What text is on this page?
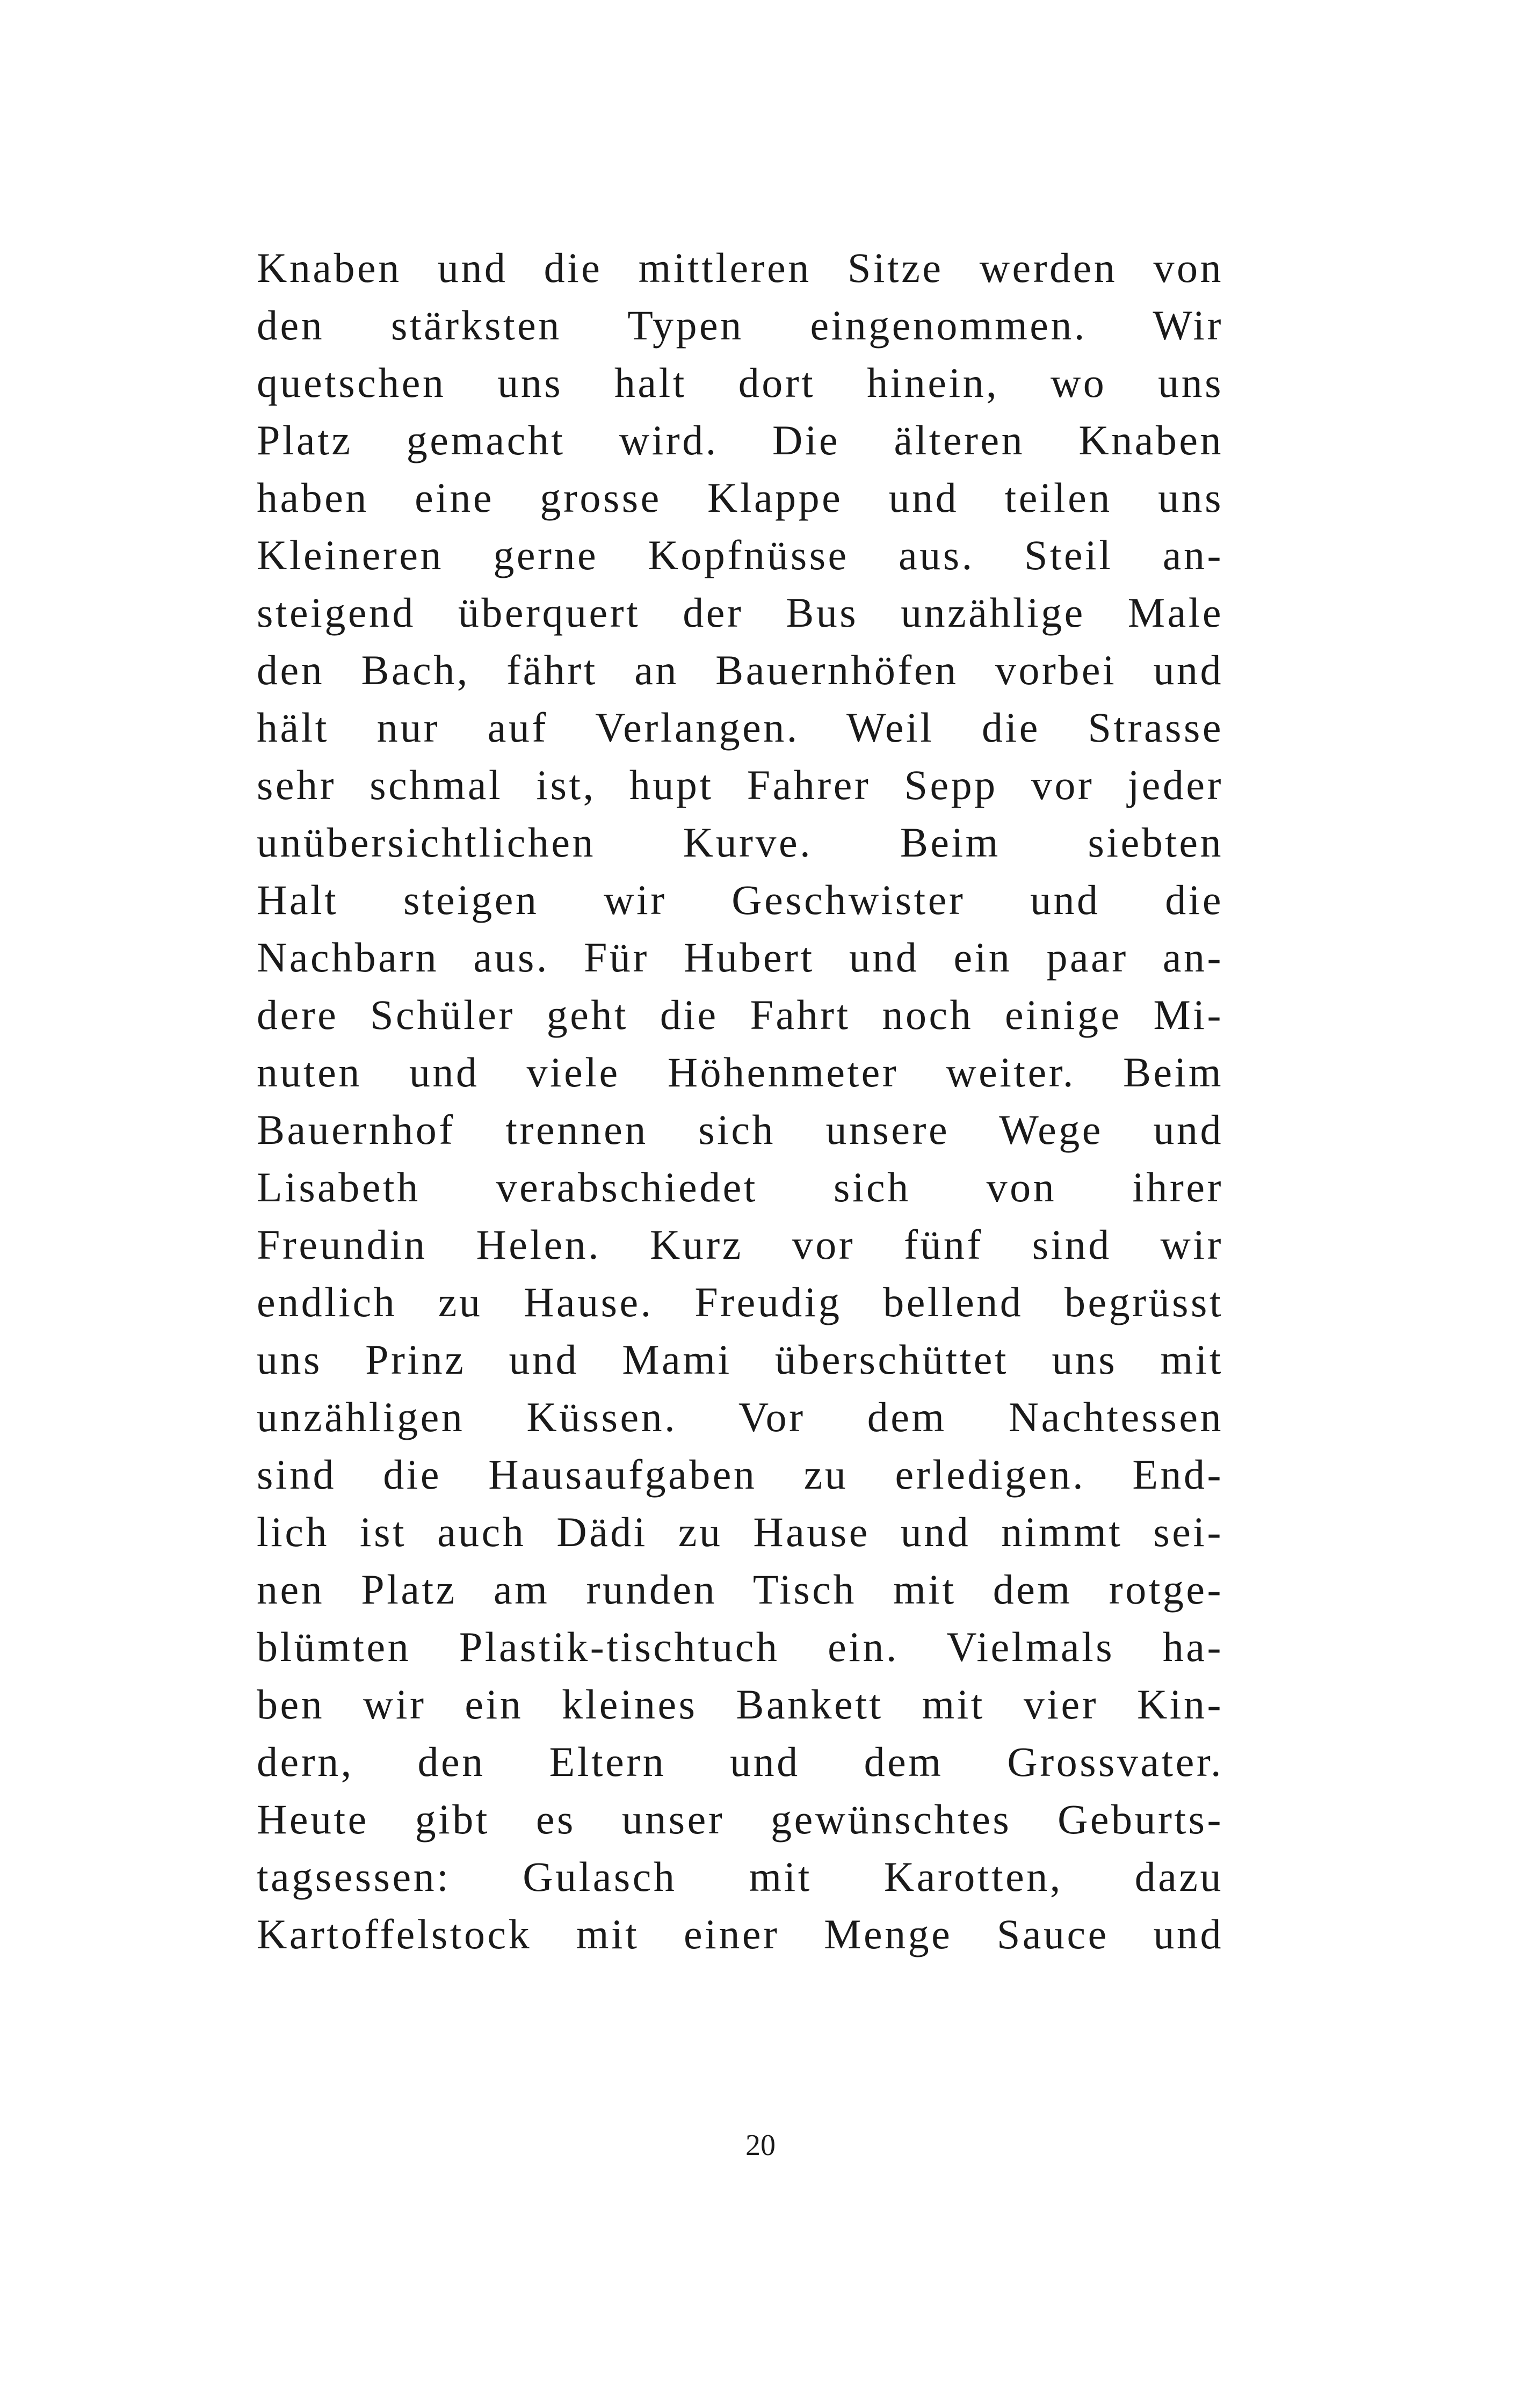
Knaben und die mittleren Sitze werden von
den stärksten Typen eingenommen. Wir
quetschen uns halt dort hinein, wo uns
Platz gemacht wird. Die älteren Knaben
haben eine grosse Klappe und teilen uns
Kleineren gerne Kopfnüsse aus. Steil an-
steigend überquert der Bus unzählige Male
den Bach, fährt an Bauernhöfen vorbei und
hält nur auf Verlangen. Weil die Strasse
sehr schmal ist, hupt Fahrer Sepp vor jeder
unübersichtlichen Kurve. Beim siebten
Halt steigen wir Geschwister und die
Nachbarn aus. Für Hubert und ein paar an-
dere Schüler geht die Fahrt noch einige Mi-
nuten und viele Höhenmeter weiter. Beim
Bauernhof trennen sich unsere Wege und
Lisabeth verabschiedet sich von ihrer
Freundin Helen. Kurz vor fünf sind wir
endlich zu Hause. Freudig bellend begrüsst
uns Prinz und Mami überschüttet uns mit
unzähligen Küssen. Vor dem Nachtessen
sind die Hausaufgaben zu erledigen. End-
lich ist auch Dädi zu Hause und nimmt sei-
nen Platz am runden Tisch mit dem rotge-
blümten Plastik-tischtuch ein. Vielmals ha-
ben wir ein kleines Bankett mit vier Kin-
dern, den Eltern und dem Grossvater.
Heute gibt es unser gewünschtes Geburts-
tagsessen: Gulasch mit Karotten, dazu
Kartoffelstock mit einer Menge Sauce und
20
